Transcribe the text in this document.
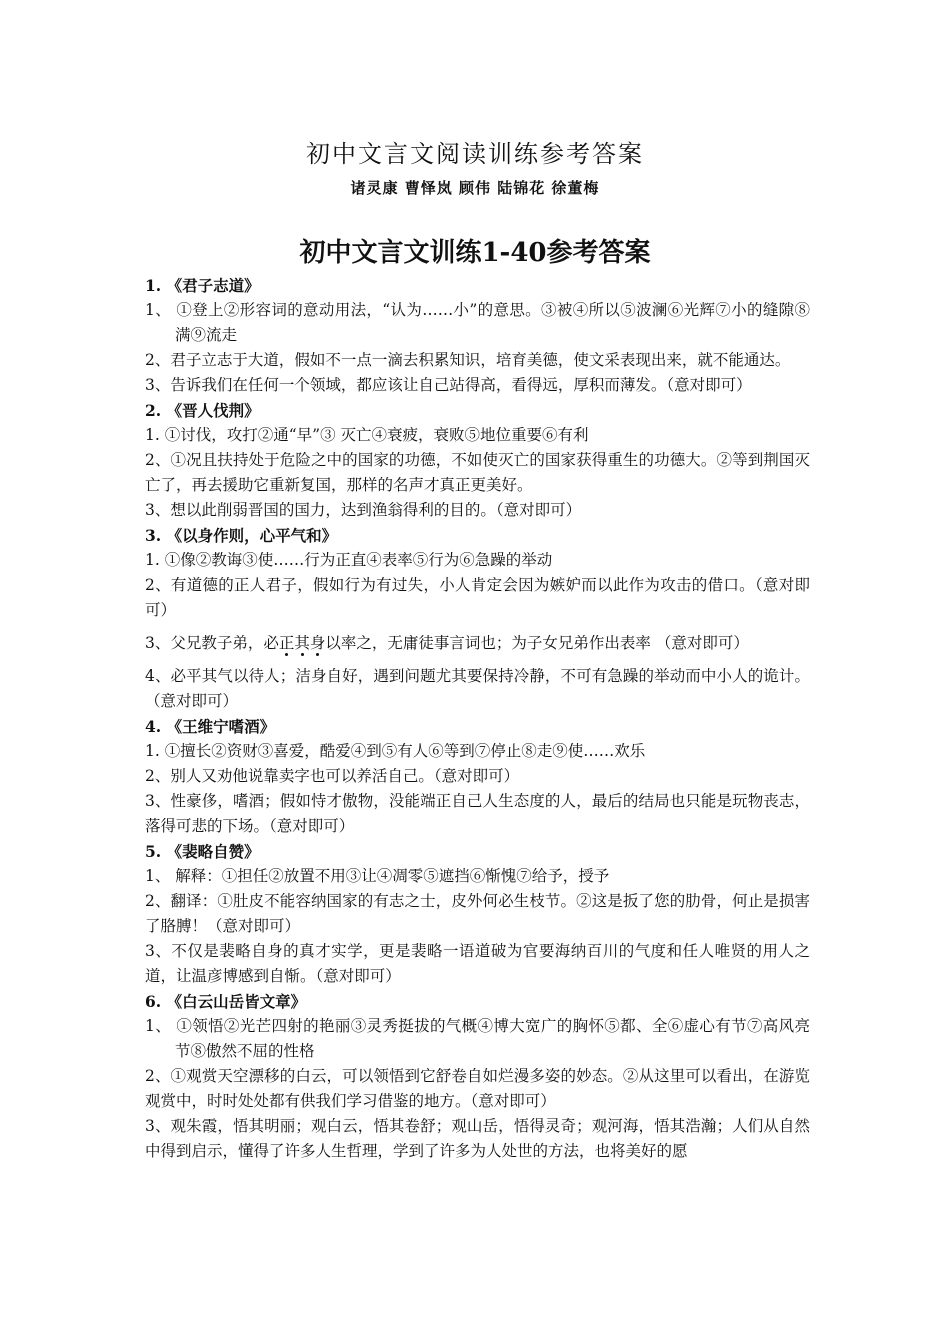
初中文言文阅读训练参考答案
诸灵康 曹怿岚 顾伟 陆锦花 徐董梅
初中文言文训练1-40参考答案

1. 《君子志道》

1、 ①登上②形容词的意动用法，“认为……小”的意思。③被④所以⑤波澜⑥光辉⑦小的缝隙⑧满⑨流走

2、君子立志于大道，假如不一点一滴去积累知识，培育美德，使文采表现出来，就不能通达。

3、告诉我们在任何一个领域，都应该让自己站得高，看得远，厚积而薄发。（意对即可）

2. 《晋人伐荆》

1. ①讨伐，攻打②通“早”③ 灭亡④衰疲，衰败⑤地位重要⑥有利

2、①况且扶持处于危险之中的国家的功德，不如使灭亡的国家获得重生的功德大。②等到荆国灭亡了，再去援助它重新复国，那样的名声才真正更美好。

3、想以此削弱晋国的国力，达到渔翁得利的目的。（意对即可）

3. 《以身作则，心平气和》

1. ①像②教诲③使……行为正直④表率⑤行为⑥急躁的举动

2、有道德的正人君子，假如行为有过失，小人肯定会因为嫉妒而以此作为攻击的借口。（意对即可）

3、父兄教子弟，必正其身以率之，无庸徒事言词也；为子女兄弟作出表率 （意对即可）

4、必平其气以待人；洁身自好，遇到问题尤其要保持冷静，不可有急躁的举动而中小人的诡计。（意对即可）

4. 《王维宁嗜酒》

1. ①擅长②资财③喜爱，酷爱④到⑤有人⑥等到⑦停止⑧走⑨使……欢乐

2、别人又劝他说靠卖字也可以养活自己。（意对即可）

3、性豪侈，嗜酒；假如恃才傲物，没能端正自己人生态度的人，最后的结局也只能是玩物丧志，落得可悲的下场。（意对即可）

5. 《裴略自赞》

1、 解释：①担任②放置不用③让④凋零⑤遮挡⑥惭愧⑦给予，授予

2、翻译：①肚皮不能容纳国家的有志之士，皮外何必生枝节。②这是扳了您的肋骨，何止是损害了胳膊！（意对即可）

3、不仅是裴略自身的真才实学，更是裴略一语道破为官要海纳百川的气度和任人唯贤的用人之道，让温彦博感到自惭。（意对即可）

6. 《白云山岳皆文章》

1、 ①领悟②光芒四射的艳丽③灵秀挺拔的气概④博大宽广的胸怀⑤都、全⑥虚心有节⑦高风亮节⑧傲然不屈的性格

2、①观赏天空漂移的白云，可以领悟到它舒卷自如烂漫多姿的妙态。②从这里可以看出，在游览观赏中，时时处处都有供我们学习借鉴的地方。（意对即可）

3、观朱霞，悟其明丽；观白云，悟其卷舒；观山岳，悟得灵奇；观河海，悟其浩瀚；人们从自然中得到启示，懂得了许多人生哲理，学到了许多为人处世的方法，也将美好的愿
